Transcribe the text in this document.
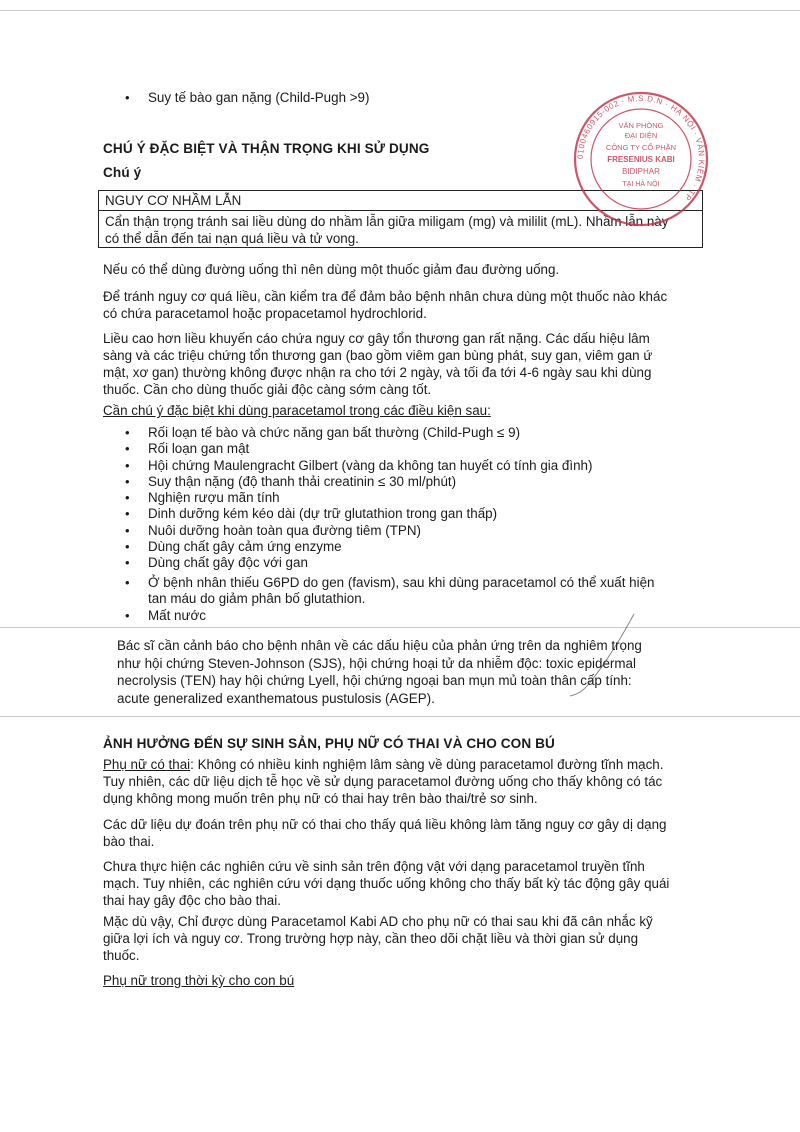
• Suy tế bào gan nặng (Child-Pugh >9)
CHÚ Ý ĐẶC BIỆT VÀ THẬN TRỌNG KHI SỬ DỤNG
Chú ý
NGUY CƠ NHẦM LẪN
Cẩn thận trọng tránh sai liều dùng do nhầm lẫn giữa miligam (mg) và mililit (mL). Nhầm lẫn này
có thể dẫn đến tai nạn quá liều và tử vong.
Nếu có thể dùng đường uống thì nên dùng một thuốc giảm đau đường uống.
Để tránh nguy cơ quá liều, cần kiểm tra để đảm bảo bệnh nhân chưa dùng một thuốc nào khác
có chứa paracetamol hoặc propacetamol hydrochlorid.
Liều cao hơn liều khuyến cáo chứa nguy cơ gây tổn thương gan rất nặng. Các dấu hiệu lâm
sàng và các triệu chứng tổn thương gan (bao gồm viêm gan bùng phát, suy gan, viêm gan ứ
mật, xơ gan) thường không được nhận ra cho tới 2 ngày, và tối đa tới 4-6 ngày sau khi dùng
thuốc. Cần cho dùng thuốc giải độc càng sớm càng tốt.
Cần chú ý đặc biệt khi dùng paracetamol trong các điều kiện sau:
• Rối loạn tế bào và chức năng gan bất thường (Child-Pugh ≤ 9)
• Rối loạn gan mật
• Hội chứng Maulengracht Gilbert (vàng da không tan huyết có tính gia đình)
• Suy thận nặng (độ thanh thải creatinin ≤ 30 ml/phút)
• Nghiện rượu mãn tính
• Dinh dưỡng kém kéo dài (dự trữ glutathion trong gan thấp)
• Nuôi dưỡng hoàn toàn qua đường tiêm (TPN)
• Dùng chất gây cảm ứng enzyme
• Dùng chất gây độc với gan
• Ở bệnh nhân thiếu G6PD do gen (favism), sau khi dùng paracetamol có thể xuất hiện
tan máu do giảm phân bố glutathion.
• Mất nước
Bác sĩ cần cảnh báo cho bệnh nhân về các dấu hiệu của phản ứng trên da nghiêm trọng
như hội chứng Steven-Johnson (SJS), hội chứng hoại tử da nhiễm độc: toxic epidermal
necrolysis (TEN) hay hội chứng Lyell, hội chứng ngoại ban mụn mủ toàn thân cấp tính:
acute generalized exanthematous pustulosis (AGEP).
ẢNH HƯỞNG ĐẾN SỰ SINH SẢN, PHỤ NỮ CÓ THAI VÀ CHO CON BÚ
Phụ nữ có thai: Không có nhiều kinh nghiệm lâm sàng về dùng paracetamol đường tĩnh mạch.
Tuy nhiên, các dữ liệu dịch tễ học về sử dụng paracetamol đường uống cho thấy không có tác
dụng không mong muốn trên phụ nữ có thai hay trên bào thai/trẻ sơ sinh.
Các dữ liệu dự đoán trên phụ nữ có thai cho thấy quá liều không làm tăng nguy cơ gây dị dạng
bào thai.
Chưa thực hiện các nghiên cứu về sinh sản trên động vật với dạng paracetamol truyền tĩnh
mạch. Tuy nhiên, các nghiên cứu với dạng thuốc uống không cho thấy bất kỳ tác động gây quái
thai hay gây độc cho bào thai.
Mặc dù vậy, Chỉ được dùng Paracetamol Kabi AD cho phụ nữ có thai sau khi đã cân nhắc kỹ
giữa lợi ích và nguy cơ. Trong trường hợp này, cần theo dõi chặt liều và thời gian sử dụng
thuốc.
Phụ nữ trong thời kỳ cho con bú
0100460915-002 · M.S.D.N · HÀ NỘI · VĂN KIÊM · TP
VĂN PHÒNG
ĐẠI DIỆN
CÔNG TY CỔ PHẦN
FRESENIUS KABI
BIDIPHAR
TẠI HÀ NỘI
